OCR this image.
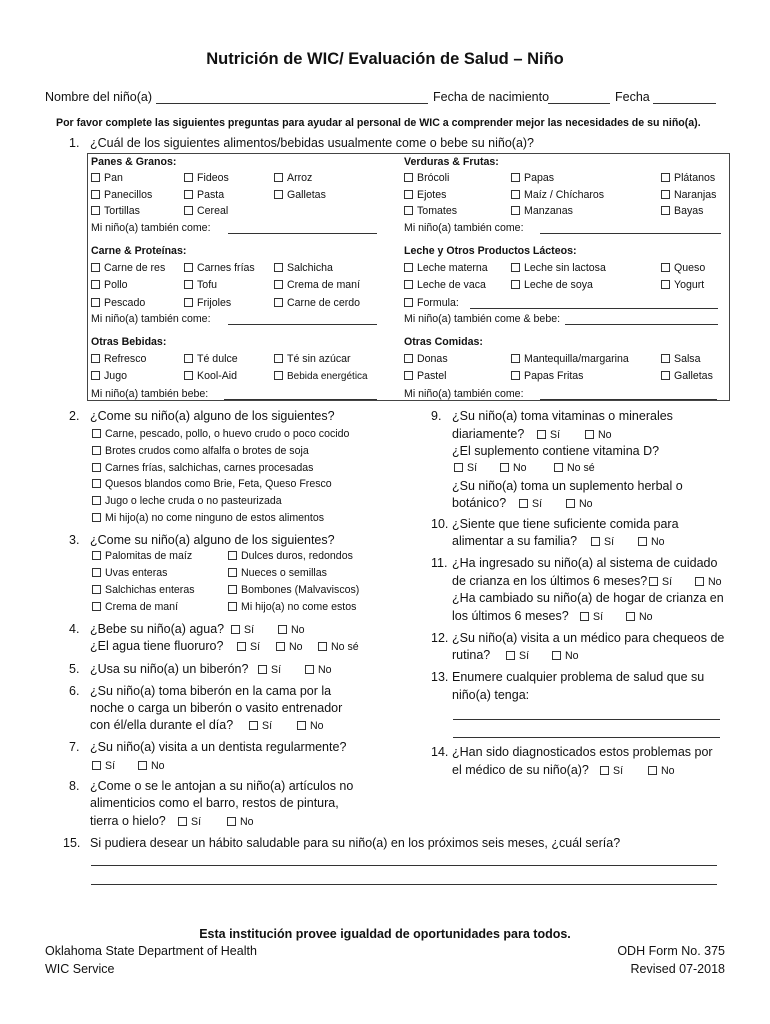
Nutrición de WIC/ Evaluación de Salud – Niño
Nombre del niño(a)	Fecha de nacimiento	Fecha
Por favor complete las siguientes preguntas para ayudar al personal de WIC a comprender mejor las necesidades de su niño(a).
1. ¿Cuál de los siguientes alimentos/bebidas usualmente come o bebe su niño(a)?
Panes & Granos:
Pan	Fideos	Arroz
Panecillos	Pasta	Galletas
Tortillas	Cereal
Mi niño(a) también come:
Verduras & Frutas:
Brócoli	Papas	Plátanos
Ejotes	Maíz / Chícharos	Naranjas
Tomates	Manzanas	Bayas
Mi niño(a) también come:
Carne & Proteínas:
Carne de res	Carnes frías	Salchicha
Pollo	Tofu	Crema de maní
Pescado	Frijoles	Carne de cerdo
Mi niño(a) también come:
Leche y Otros Productos Lácteos:
Leche materna	Leche sin lactosa	Queso
Leche de vaca	Leche de soya	Yogurt
Formula:
Mi niño(a) también come & bebe:
Otras Bebidas:
Refresco	Té dulce	Té sin azúcar
Jugo	Kool-Aid	Bebida energética
Mi niño(a) también bebe:
Otras Comidas:
Donas	Mantequilla/margarina	Salsa
Pastel	Papas Fritas	Galletas
Mi niño(a) también come:
2. ¿Come su niño(a) alguno de los siguientes?
Carne, pescado, pollo, o huevo crudo o poco cocido
Brotes crudos como alfalfa o brotes de soja
Carnes frías, salchichas, carnes procesadas
Quesos blandos como Brie, Feta, Queso Fresco
Jugo o leche cruda o no pasteurizada
Mi hijo(a) no come ninguno de estos alimentos
3. ¿Come su niño(a) alguno de los siguientes?
Palomitas de maíz	Dulces duros, redondos
Uvas enteras	Nueces o semillas
Salchichas enteras	Bombones (Malvaviscos)
Crema de maní	Mi hijo(a) no come estos
4. ¿Bebe su niño(a) agua?	Sí	No
¿El agua tiene fluoruro?	Sí	No	No sé
5. ¿Usa su niño(a) un biberón?	Sí	No
6. ¿Su niño(a) toma biberón en la cama por la
noche o carga un biberón o vasito entrenador
con él/ella durante el día?	Sí	No
7. ¿Su niño(a) visita a un dentista regularmente?
Sí	No
8. ¿Come o se le antojan a su niño(a) artículos no
alimenticios como el barro, restos de pintura,
tierra o hielo?	Sí	No
9. ¿Su niño(a) toma vitaminas o minerales
diariamente?	Sí	No
¿El suplemento contiene vitamina D?
Sí	No	No sé
¿Su niño(a) toma un suplemento herbal o
botánico?	Sí	No
10. ¿Siente que tiene suficiente comida para
alimentar a su familia?	Sí	No
11. ¿Ha ingresado su niño(a) al sistema de cuidado
de crianza en los últimos 6 meses?	Sí	No
¿Ha cambiado su niño(a) de hogar de crianza en
los últimos 6 meses?	Sí	No
12. ¿Su niño(a) visita a un médico para chequeos de
rutina?	Sí	No
13. Enumere cualquier problema de salud que su
niño(a) tenga:
14. ¿Han sido diagnosticados estos problemas por
el médico de su niño(a)?	Sí	No
15. Si pudiera desear un hábito saludable para su niño(a) en los próximos seis meses, ¿cuál sería?
Esta institución provee igualdad de oportunidades para todos.
Oklahoma State Department of Health
WIC Service
ODH Form No. 375
Revised 07-2018
